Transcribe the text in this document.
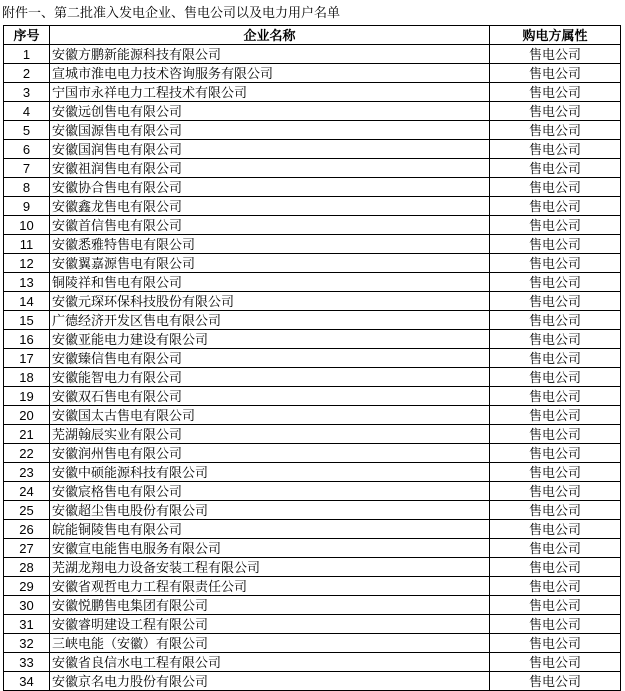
附件一、第二批准入发电企业、售电公司以及电力用户名单
序号	企业名称	购电方属性
1	安徽方鹏新能源科技有限公司	售电公司
2	宣城市淮电电力技术咨询服务有限公司	售电公司
3	宁国市永祥电力工程技术有限公司	售电公司
4	安徽远创售电有限公司	售电公司
5	安徽国源售电有限公司	售电公司
6	安徽国润售电有限公司	售电公司
7	安徽祖润售电有限公司	售电公司
8	安徽协合售电有限公司	售电公司
9	安徽鑫龙售电有限公司	售电公司
10	安徽首信售电有限公司	售电公司
11	安徽悉雅特售电有限公司	售电公司
12	安徽翼嘉源售电有限公司	售电公司
13	铜陵祥和售电有限公司	售电公司
14	安徽元琛环保科技股份有限公司	售电公司
15	广德经济开发区售电有限公司	售电公司
16	安徽亚能电力建设有限公司	售电公司
17	安徽臻信售电有限公司	售电公司
18	安徽能智电力有限公司	售电公司
19	安徽双石售电有限公司	售电公司
20	安徽国太古售电有限公司	售电公司
21	芜湖翰辰实业有限公司	售电公司
22	安徽润州售电有限公司	售电公司
23	安徽中硕能源科技有限公司	售电公司
24	安徽宸格售电有限公司	售电公司
25	安徽超尘售电股份有限公司	售电公司
26	皖能铜陵售电有限公司	售电公司
27	安徽宣电能售电服务有限公司	售电公司
28	芜湖龙翔电力设备安装工程有限公司	售电公司
29	安徽省观哲电力工程有限责任公司	售电公司
30	安徽悦鹏售电集团有限公司	售电公司
31	安徽睿明建设工程有限公司	售电公司
32	三峡电能（安徽）有限公司	售电公司
33	安徽省良信水电工程有限公司	售电公司
34	安徽京名电力股份有限公司	售电公司
